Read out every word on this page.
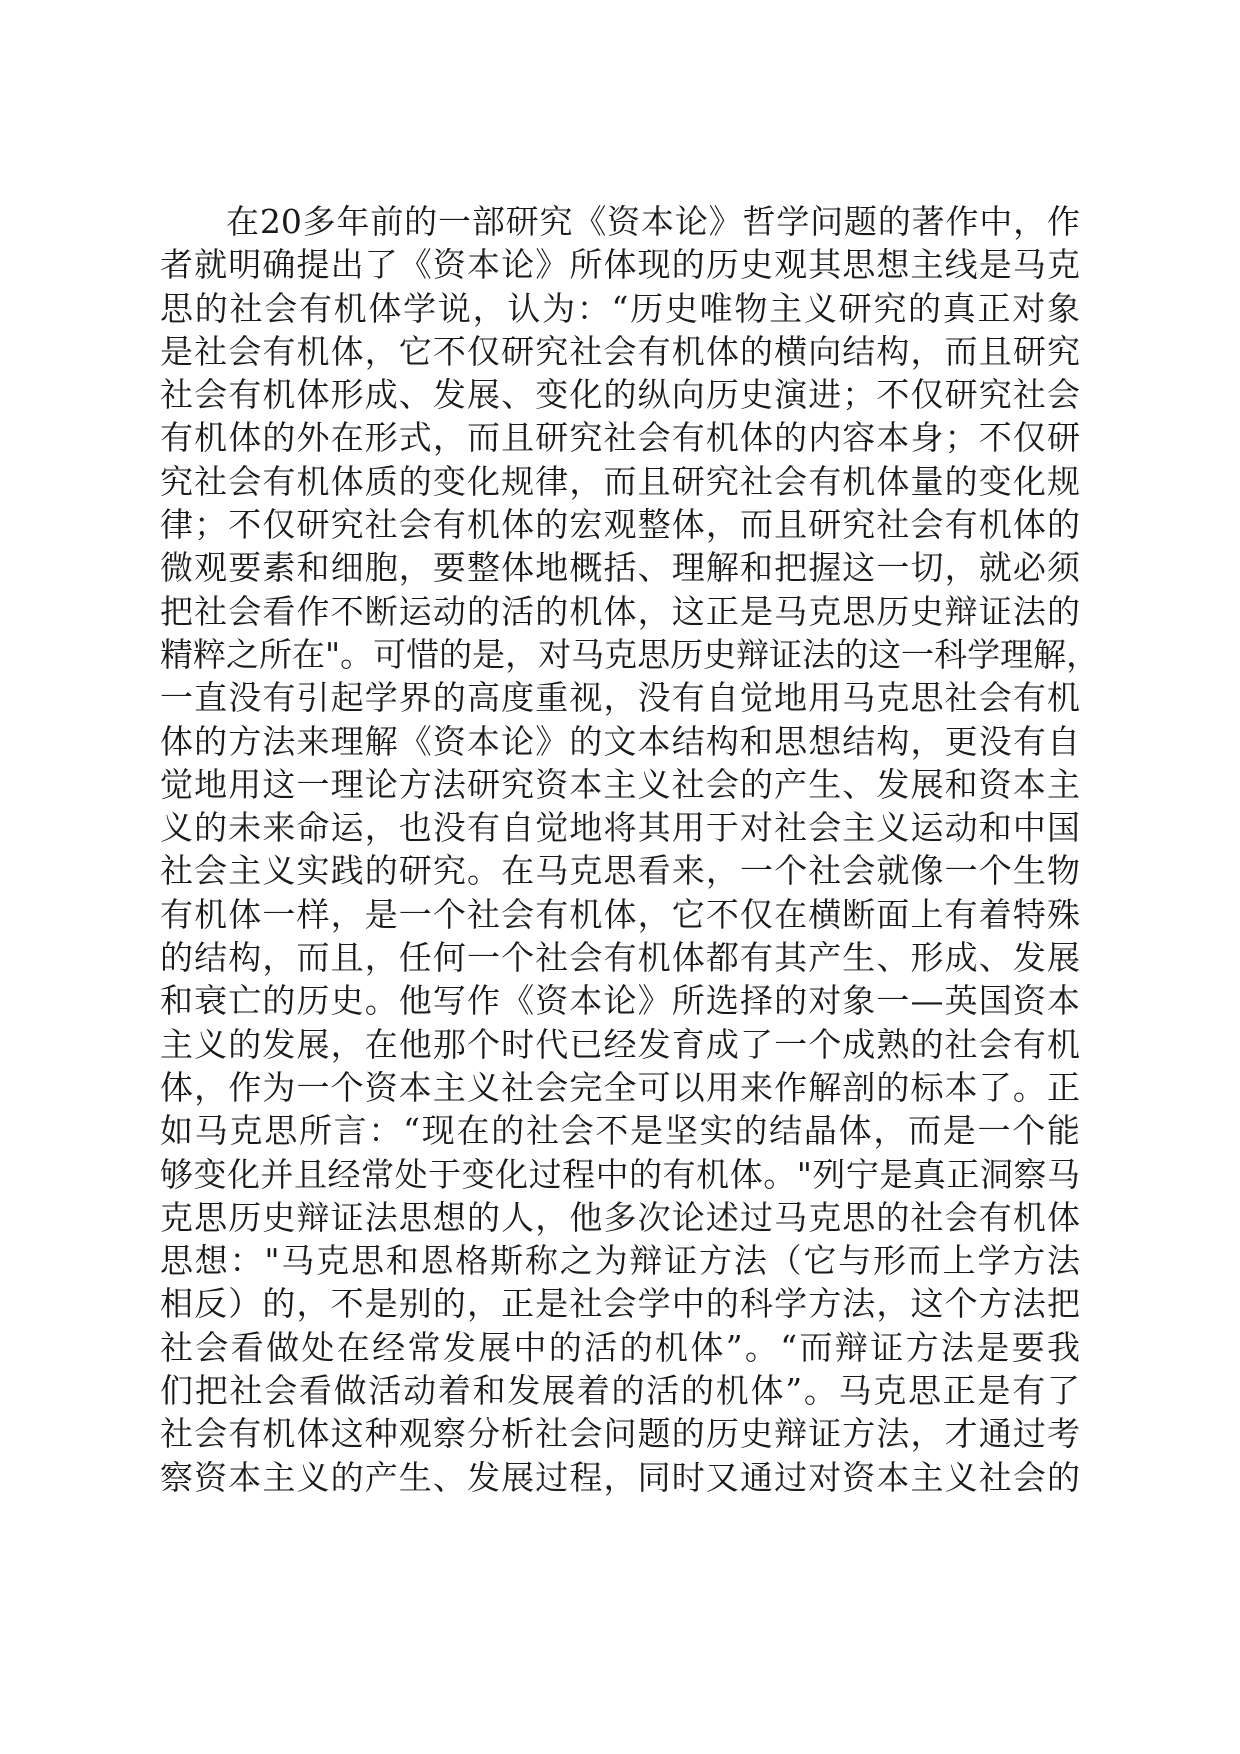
在20多年前的一部研究《资本论》哲学问题的著作中，作
者就明确提出了《资本论》所体现的历史观其思想主线是马克
思的社会有机体学说，认为：“历史唯物主义研究的真正对象
是社会有机体，它不仅研究社会有机体的横向结构，而且研究
社会有机体形成、发展、变化的纵向历史演进；不仅研究社会
有机体的外在形式，而且研究社会有机体的内容本身；不仅研
究社会有机体质的变化规律，而且研究社会有机体量的变化规
律；不仅研究社会有机体的宏观整体，而且研究社会有机体的
微观要素和细胞，要整体地概括、理解和把握这一切，就必须
把社会看作不断运动的活的机体，这正是马克思历史辩证法的
精粹之所在"。可惜的是，对马克思历史辩证法的这一科学理解，
一直没有引起学界的高度重视，没有自觉地用马克思社会有机
体的方法来理解《资本论》的文本结构和思想结构，更没有自
觉地用这一理论方法研究资本主义社会的产生、发展和资本主
义的未来命运，也没有自觉地将其用于对社会主义运动和中国
社会主义实践的研究。在马克思看来，一个社会就像一个生物
有机体一样，是一个社会有机体，它不仅在横断面上有着特殊
的结构，而且，任何一个社会有机体都有其产生、形成、发展
和衰亡的历史。他写作《资本论》所选择的对象一—英国资本
主义的发展，在他那个时代已经发育成了一个成熟的社会有机
体，作为一个资本主义社会完全可以用来作解剖的标本了。正
如马克思所言：“现在的社会不是坚实的结晶体，而是一个能
够变化并且经常处于变化过程中的有机体。"列宁是真正洞察马
克思历史辩证法思想的人，他多次论述过马克思的社会有机体
思想："马克思和恩格斯称之为辩证方法（它与形而上学方法
相反）的，不是别的，正是社会学中的科学方法，这个方法把
社会看做处在经常发展中的活的机体”。“而辩证方法是要我
们把社会看做活动着和发展着的活的机体”。马克思正是有了
社会有机体这种观察分析社会问题的历史辩证方法，才通过考
察资本主义的产生、发展过程，同时又通过对资本主义社会的
